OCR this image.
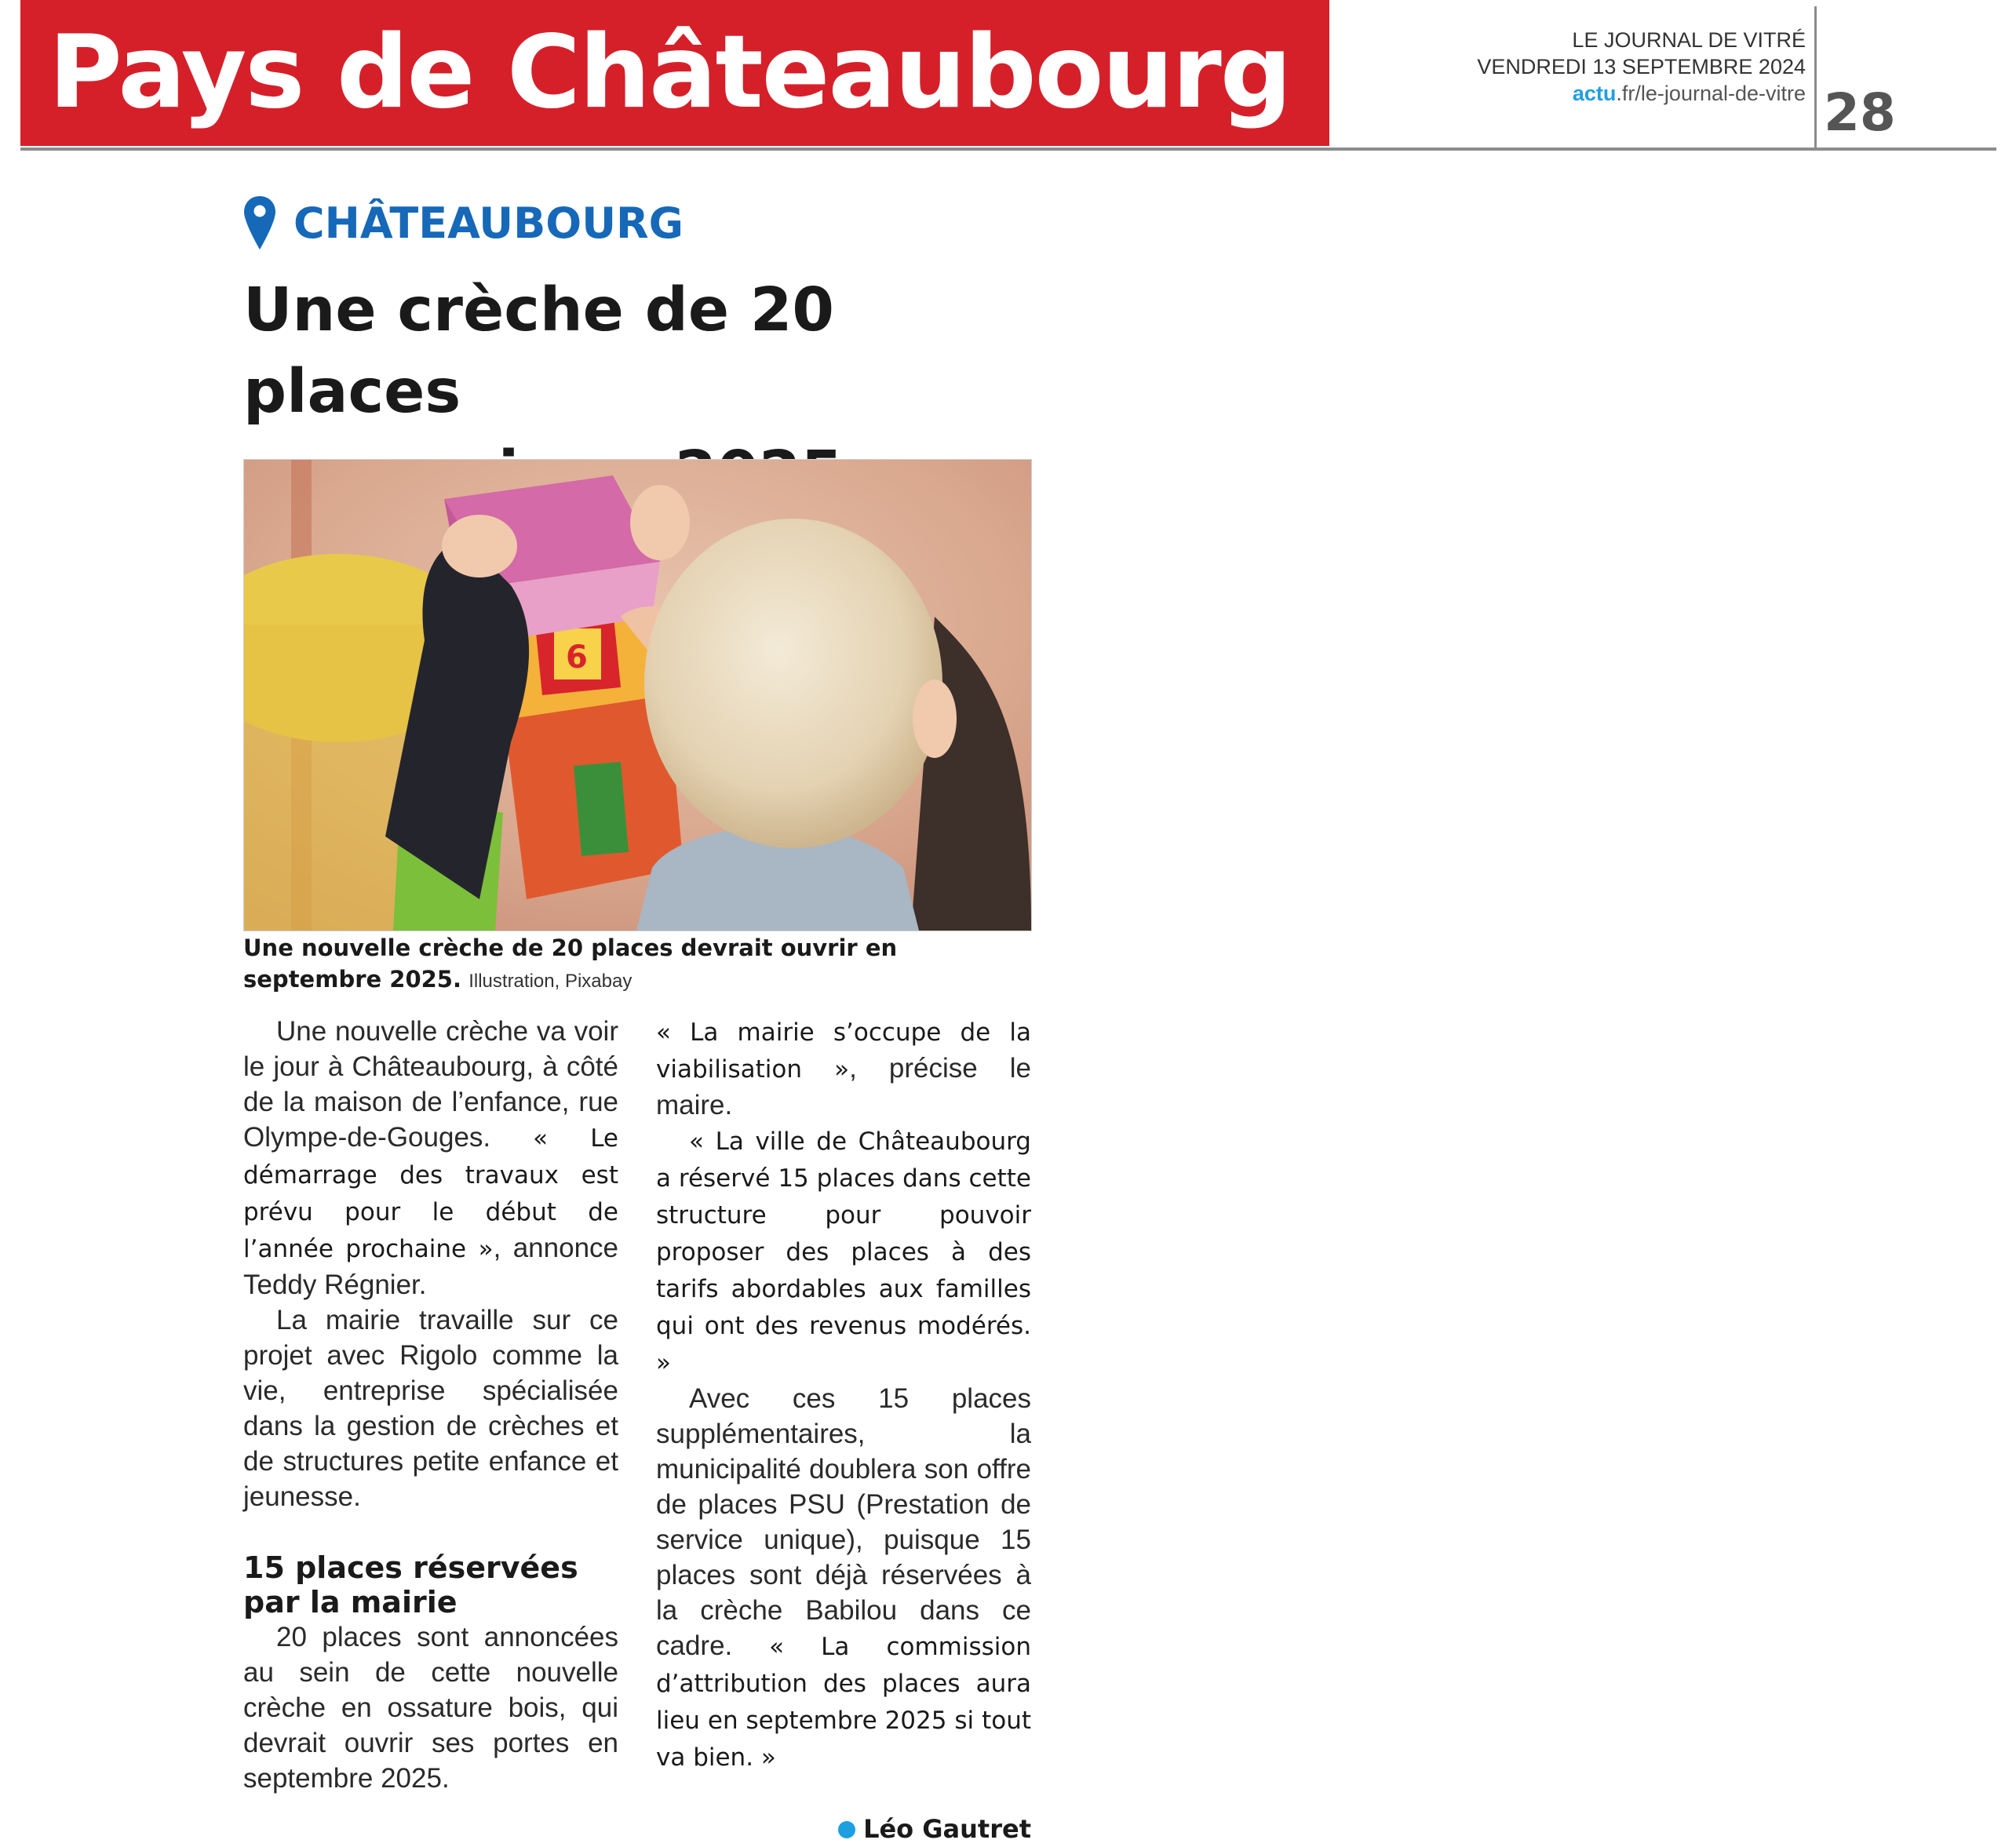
Pays de Châteaubourg	LE JOURNAL DE VITRÉ
VENDREDI 13 SEPTEMBRE 2024
actu.fr/le-journal-de-vitre 28
CHÂTEAUBOURG
Une crèche de 20 places

6
Une nouvelle crèche de 20 places devrait ouvrir en septembre 2025. Illustration, Pixabay

Une nouvelle crèche va voir le jour à Châteaubourg, à côté de la maison de l’enfance, rue Olympe-de-Gouges. « Le démarrage des travaux est prévu pour le début de l’année prochaine », annonce Teddy Régnier.

La mairie travaille sur ce projet avec Rigolo comme la vie, entreprise spécialisée dans la gestion de crèches et de structures petite enfance et jeunesse.

15 places réservées
par la mairie

20 places sont annoncées au sein de cette nouvelle crèche en ossature bois, qui devrait ouvrir ses portes en septembre 2025.

« La mairie s’occupe de la viabilisation », précise le maire.

« La ville de Châteaubourg a réservé 15 places dans cette structure pour pouvoir proposer des places à des tarifs abordables aux familles qui ont des revenus modérés. »

Avec ces 15 places supplémentaires, la municipalité doublera son offre de places PSU (Prestation de service unique), puisque 15 places sont déjà réservées à la crèche Babilou dans ce cadre. « La commission d’attribution des places aura lieu en septembre 2025 si tout va bien. »

Léo Gautret
